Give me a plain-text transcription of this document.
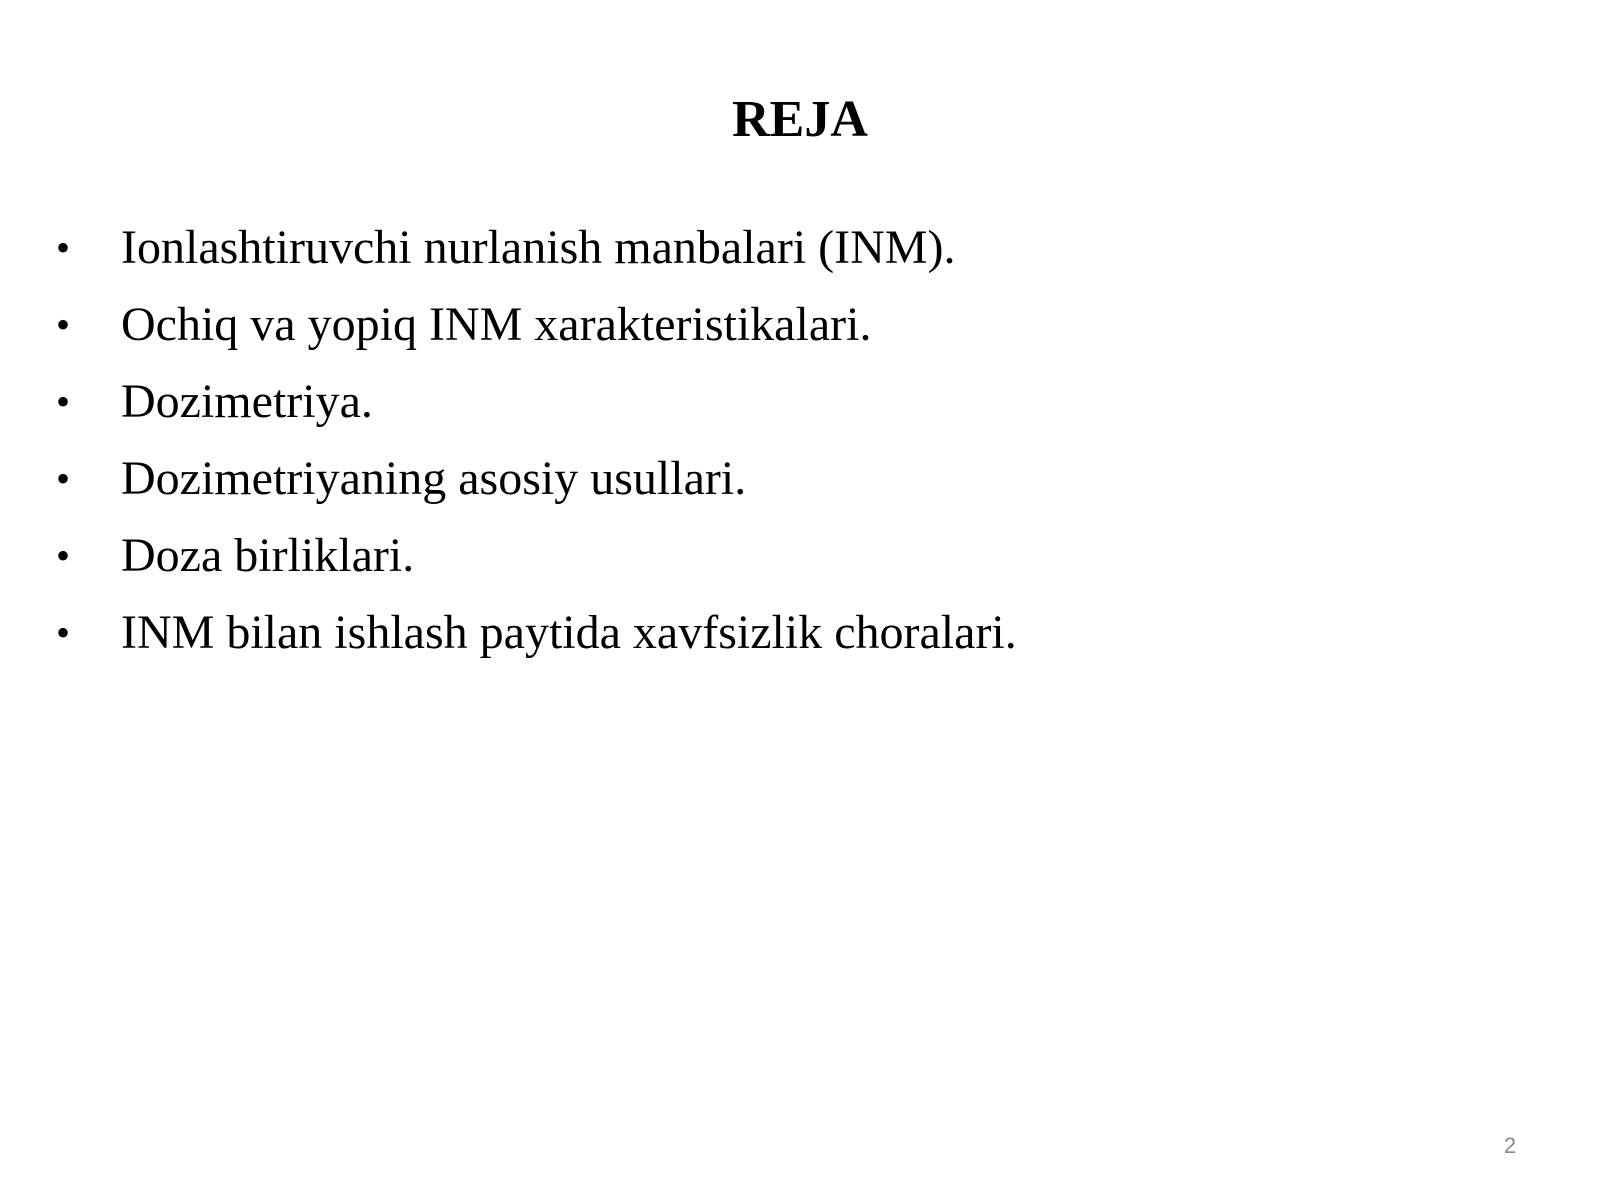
REJA
•	Ionlashtiruvchi nurlanish manbalari (INM).
•	Ochiq va yopiq INM xarakteristikalari.
•	Dozimetriya.
•	Dozimetriyaning asosiy usullari.
•	Doza birliklari.
•	INM bilan ishlash paytida xavfsizlik choralari.
2
